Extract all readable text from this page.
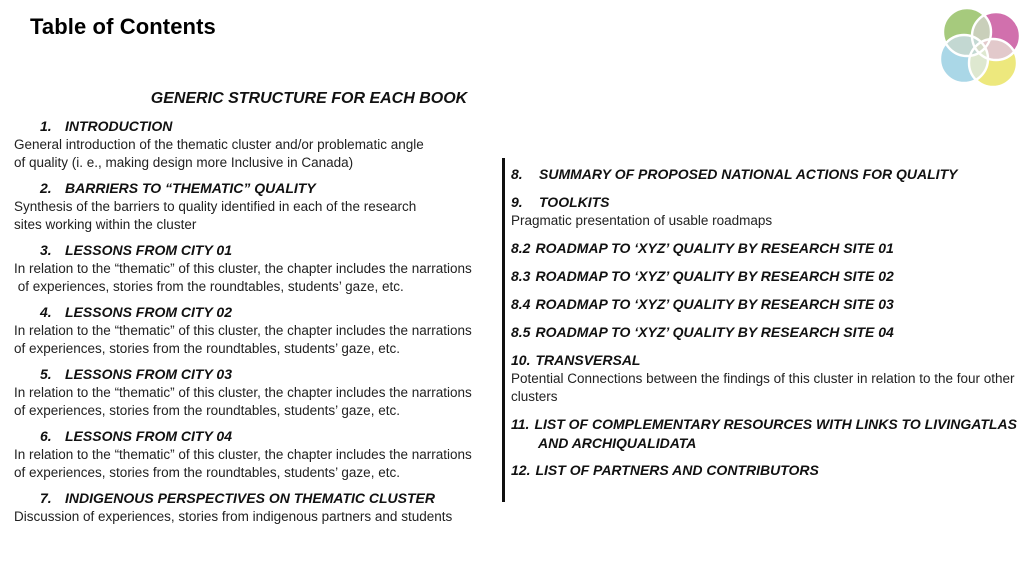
Table of Contents
GENERIC STRUCTURE FOR EACH BOOK
1. INTRODUCTION
General introduction of the thematic cluster and/or problematic angle
of quality (i. e., making design more Inclusive in Canada)
2. BARRIERS TO “THEMATIC” QUALITY
Synthesis of the barriers to quality identified in each of the research
sites working within the cluster
3. LESSONS FROM CITY 01
In relation to the “thematic” of this cluster, the chapter includes the narrations
of experiences, stories from the roundtables, students’ gaze, etc.
4. LESSONS FROM CITY 02
In relation to the “thematic” of this cluster, the chapter includes the narrations
of experiences, stories from the roundtables, students’ gaze, etc.
5. LESSONS FROM CITY 03
In relation to the “thematic” of this cluster, the chapter includes the narrations
of experiences, stories from the roundtables, students’ gaze, etc.
6. LESSONS FROM CITY 04
In relation to the “thematic” of this cluster, the chapter includes the narrations
of experiences, stories from the roundtables, students’ gaze, etc.
7. INDIGENOUS PERSPECTIVES ON THEMATIC CLUSTER
Discussion of experiences, stories from indigenous partners and students
8. SUMMARY OF PROPOSED NATIONAL ACTIONS FOR QUALITY
9. TOOLKITS
Pragmatic presentation of usable roadmaps
8.2 ROADMAP TO ‘XYZ’ QUALITY BY RESEARCH SITE 01
8.3 ROADMAP TO ‘XYZ’ QUALITY BY RESEARCH SITE 02
8.4 ROADMAP TO ‘XYZ’ QUALITY BY RESEARCH SITE 03
8.5 ROADMAP TO ‘XYZ’ QUALITY BY RESEARCH SITE 04
10. TRANSVERSAL
Potential Connections between the findings of this cluster in relation to the four other
clusters
11. LIST OF COMPLEMENTARY RESOURCES WITH LINKS TO LIVINGATLAS
AND ARCHIQUALIDATA
12. LIST OF PARTNERS AND CONTRIBUTORS
